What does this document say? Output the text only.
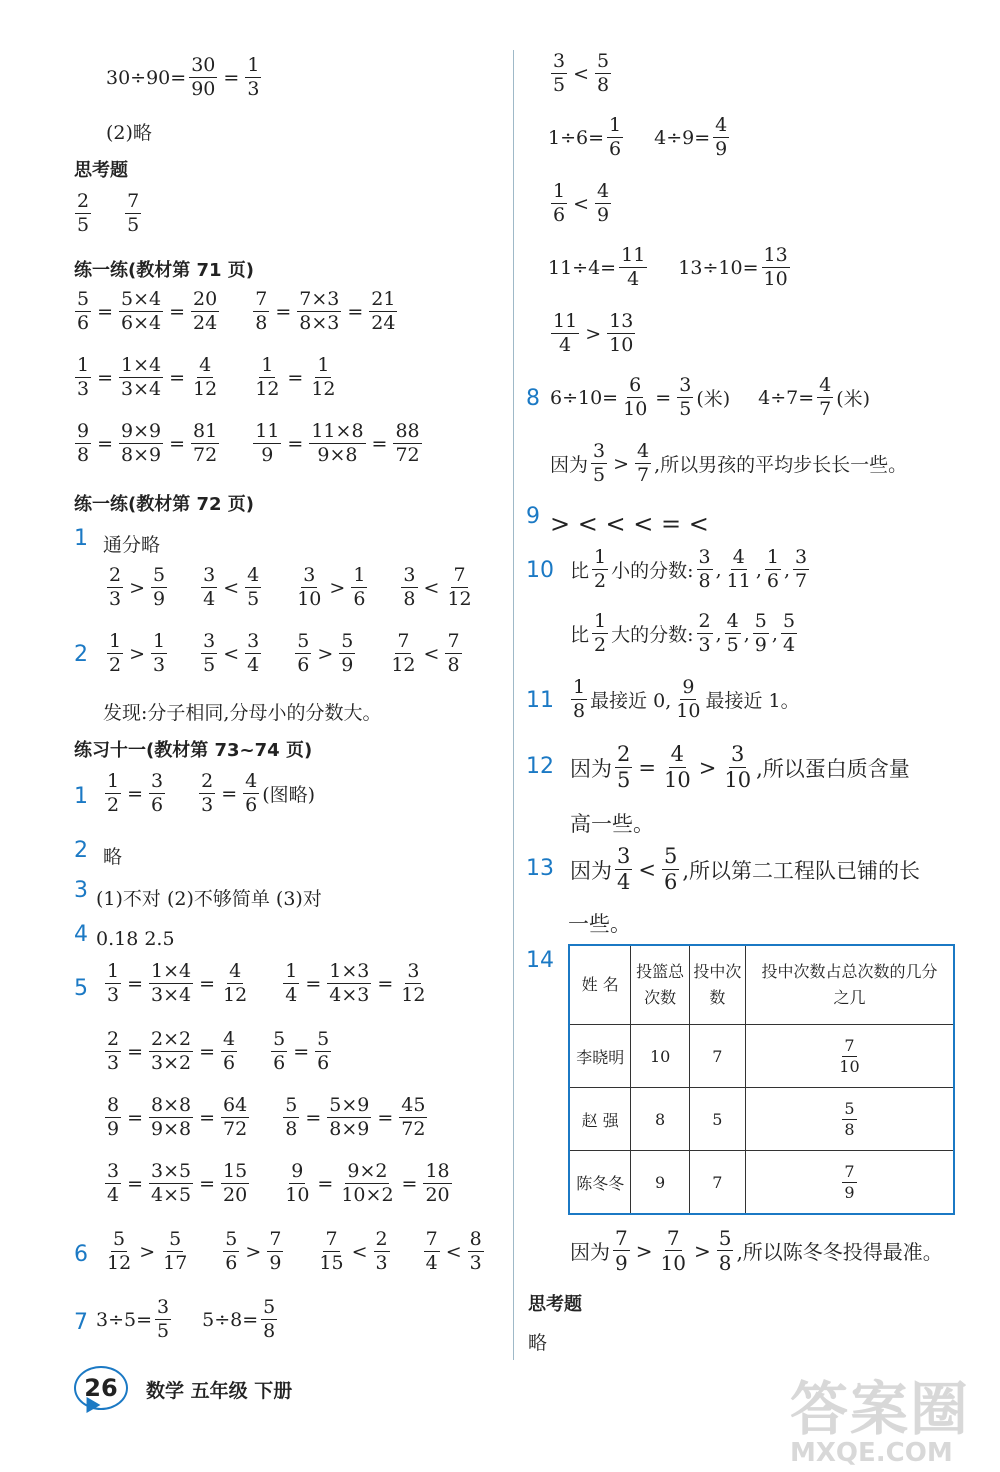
$30\div 90= \frac{30}{90} = \frac{1}{3}$
(2)略
思考题
$\frac{2}{5} \frac{7}{5}$
练一练(教材第 71 页)
$\frac{5}{6} = \frac{5\times 4}{6\times 4} = \frac{20}{24} \frac{7}{8} = \frac{7\times 3}{8\times 3} = \frac{21}{24}$
$\frac{1}{3} = \frac{1\times 4}{3\times 4} = \frac{4}{12} \frac{1}{12} = \frac{1}{12}$
$\frac{9}{8} = \frac{9\times 9}{8\times 9} = \frac{81}{72} \frac{11}{9} = \frac{11\times 8}{9\times 8} = \frac{88}{72}$
练一练(教材第 72 页)
1 通分略
$\frac{2}{3} > \frac{5}{9} \frac{3}{4} < \frac{4}{5} \frac{3}{10} > \frac{1}{6} \frac{3}{8} < \frac{7}{12}$
$2 \frac{1}{2} > \frac{1}{3} \frac{3}{5} < \frac{3}{4} \frac{5}{6} > \frac{5}{9} \frac{7}{12} < \frac{7}{8}$
发现:分子相同,分母小的分数大。
练习十一(教材第 73~74 页)
$1 \frac{1}{2} = \frac{3}{6} \frac{2}{3} = \frac{4}{6}$ (图略)
2 略
3 (1)不对 (2)不够简单 (3)对
4 0.18 2.5
$5 \frac{1}{3} = \frac{1\times 4}{3\times 4} = \frac{4}{12} \frac{1}{4} = \frac{1\times 3}{4\times 3} = \frac{3}{12}$
$\frac{2}{3} = \frac{2\times 2}{3\times 2} = \frac{4}{6} \frac{5}{6} = \frac{5}{6}$
$\frac{8}{9} = \frac{8\times 8}{9\times 8} = \frac{64}{72} \frac{5}{8} = \frac{5\times 9}{8\times 9} = \frac{45}{72}$
$\frac{3}{4} = \frac{3\times 5}{4\times 5} = \frac{15}{20} \frac{9}{10} = \frac{9\times 2}{10\times 2} = \frac{18}{20}$
$6 \frac{5}{12} > \frac{5}{17} \frac{5}{6} > \frac{7}{9} \frac{7}{15} < \frac{2}{3} \frac{7}{4} < \frac{8}{3}$
7 $3\div 5= \frac{3}{5} 5\div 8= \frac{5}{8}$
$\frac{3}{5} < \frac{5}{8}$
$1\div 6= \frac{1}{6} 4\div 9= \frac{4}{9}$
$\frac{1}{6} < \frac{4}{9}$
$11\div 4= \frac{11}{4} 13\div 10= \frac{13}{10}$
$\frac{11}{4} > \frac{13}{10}$
8 $6\div 10= \frac{6}{10} = \frac{3}{5}$ (米) $4\div 7= \frac{4}{7}$ (米)
因为 $\frac{3}{5} > \frac{4}{7}$ ,所以男孩的平均步长长一些。
9 > < < < = <
10 比 $\frac{1}{2}$ 小的分数: $\frac{3}{8}$ , $\frac{4}{11}$ , $\frac{1}{6}$ , $\frac{3}{7}$
比 $\frac{1}{2}$ 大的分数: $\frac{2}{3}$ , $\frac{4}{5}$ , $\frac{5}{9}$ , $\frac{5}{4}$
$11 \frac{1}{8}$ 最接近 0, $\frac{9}{10}$ 最接近 1。
12 因为 $\frac{2}{5} = \frac{4}{10} > \frac{3}{10}$ ,所以蛋白质含量
高一些。
13 因为 $\frac{3}{4} < \frac{5}{6}$ ,所以第二工程队已铺的长
一些。
14
姓 名	投篮总次数	投中次数	投中次数占总次数的几分之几
李晓明	10	7	$\frac{7}{10}$

赵 强	8	5	$\frac{5}{8}$

陈冬冬	9	7	$\frac{7}{9}$
因为 $\frac{7}{9} > \frac{7}{10} > \frac{5}{8}$ ,所以陈冬冬投得最准。
思考题
略
26 数学 五年级 下册	答案圈
MXQE.COM
